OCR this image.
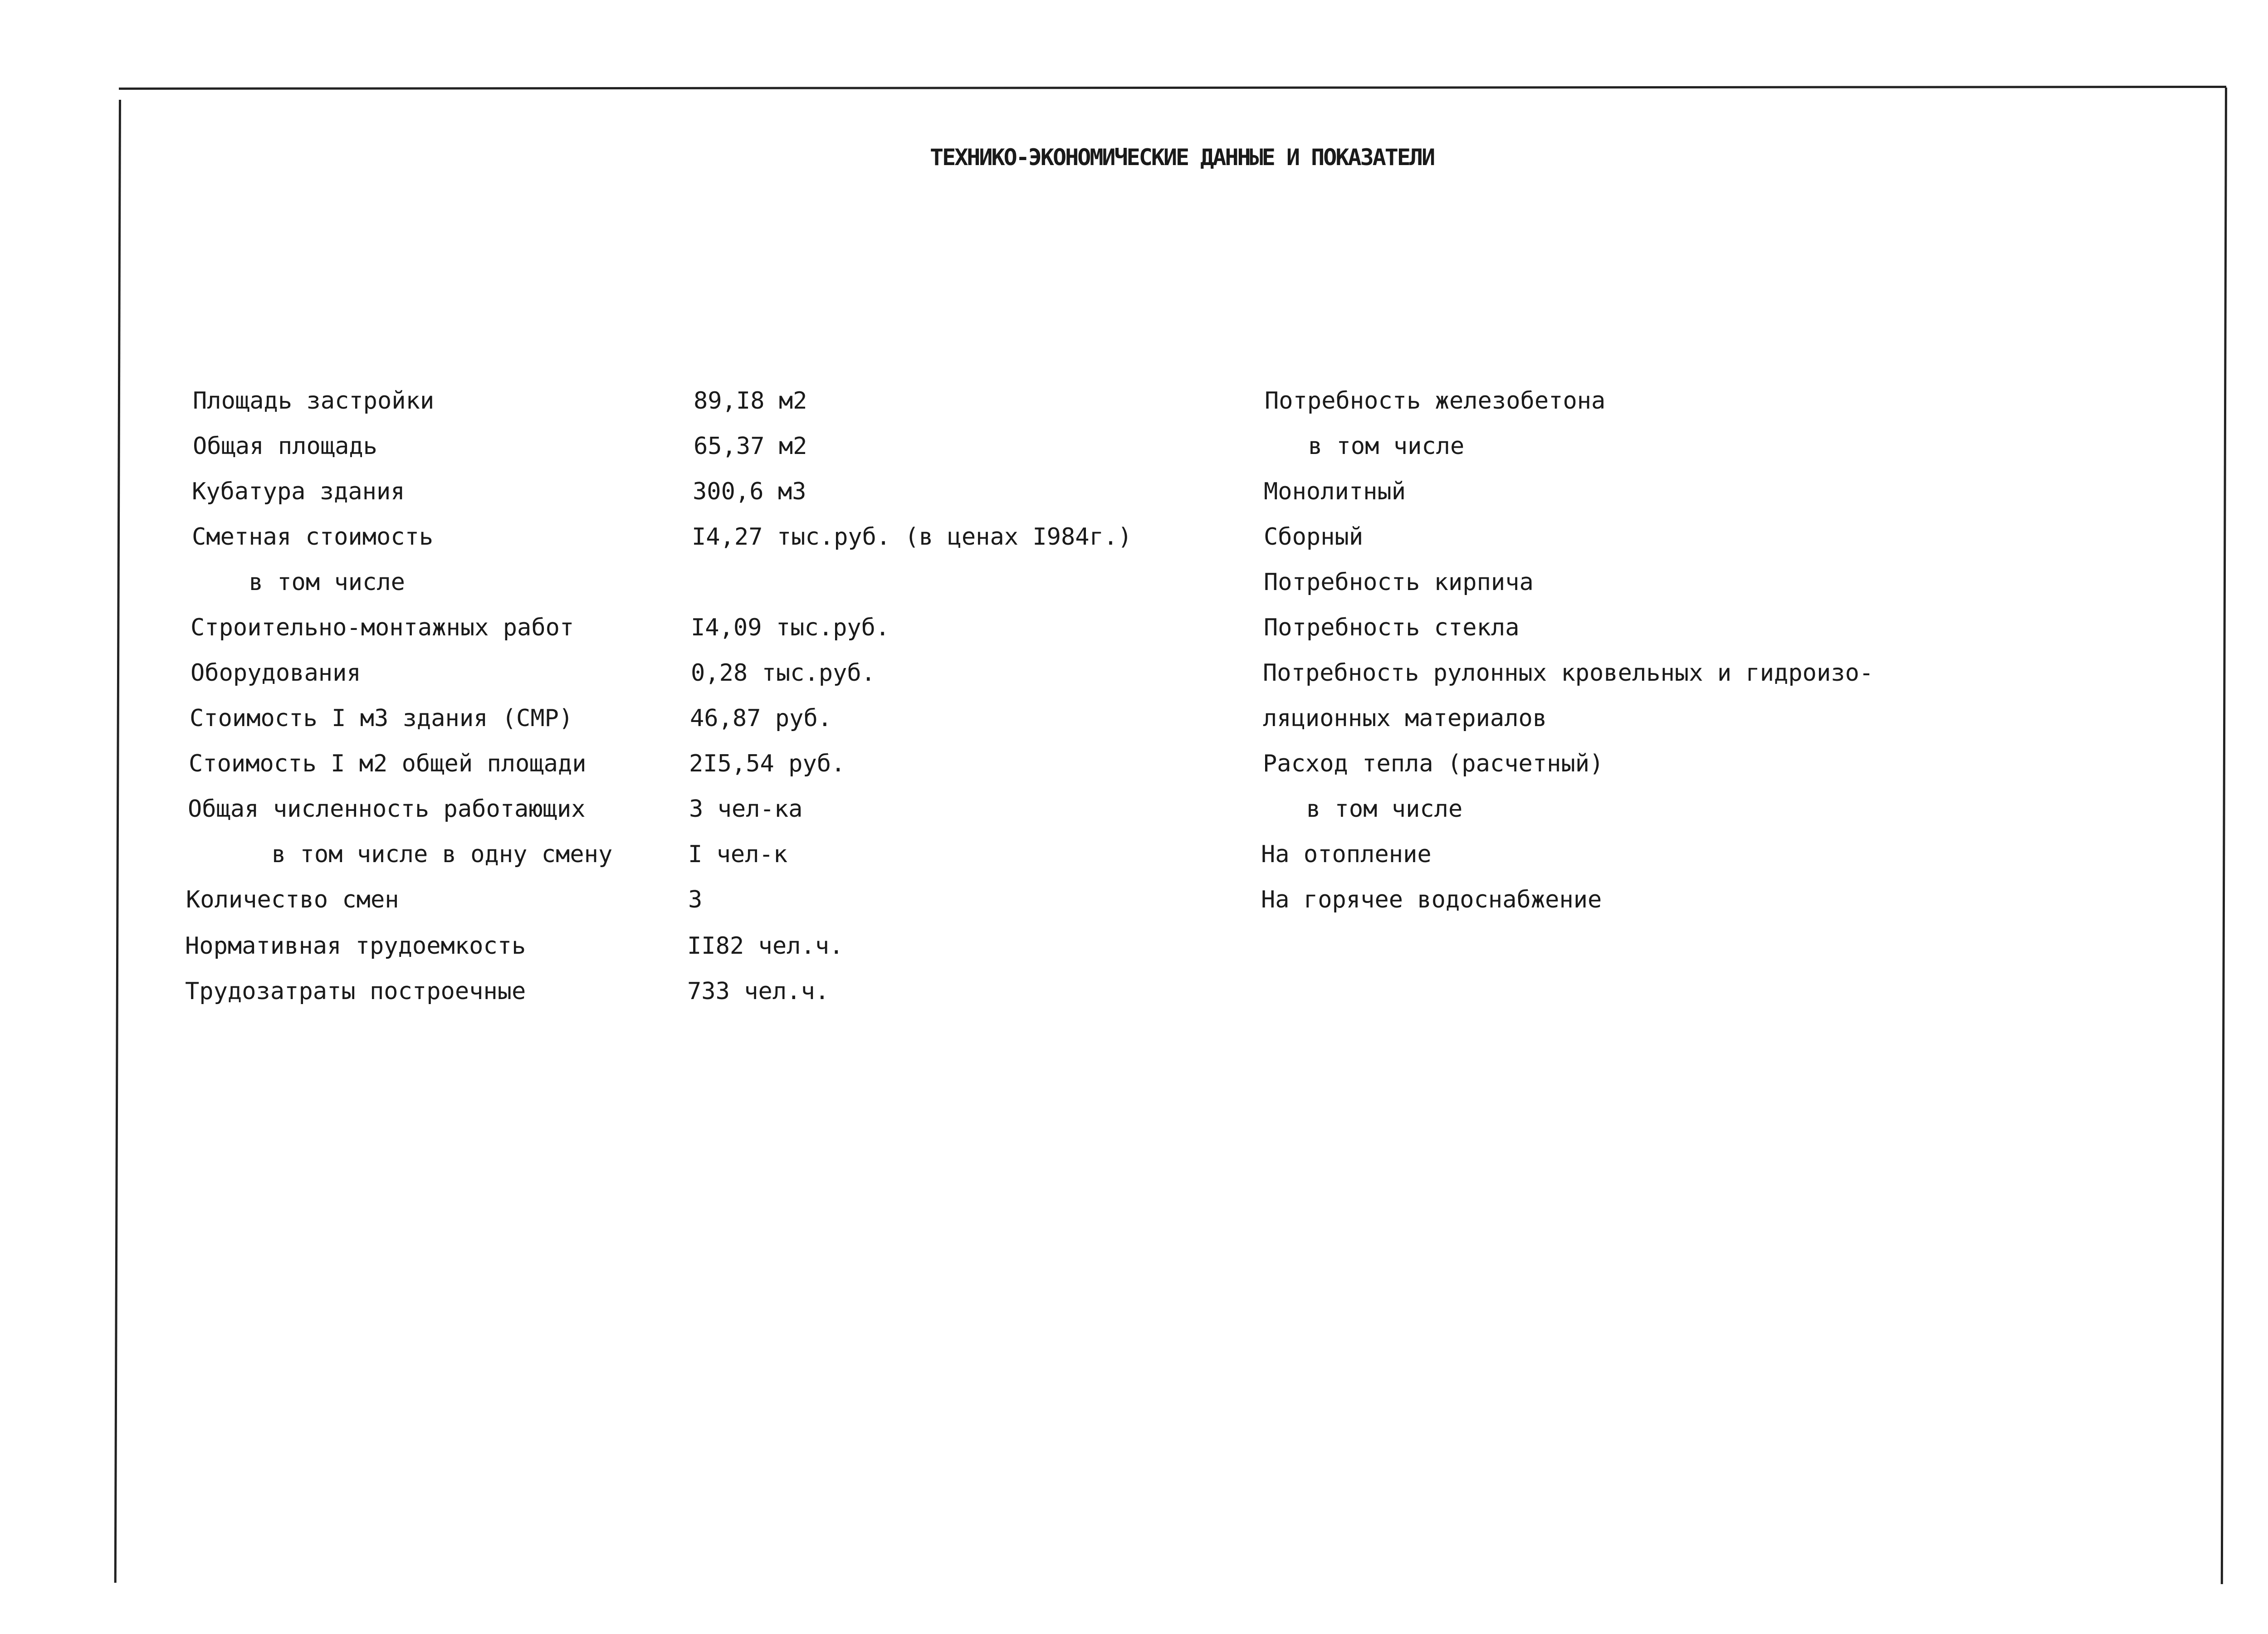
ТЕХНИКО-ЭКОНОМИЧЕСКИЕ ДАННЫЕ И ПОКАЗАТЕЛИ
Площадь застройки
Общая площадь
Кубатура здания
Сметная стоимость
в том числе
Строительно-монтажных работ
Оборудования
Стоимость I м3 здания (СМР)
Стоимость I м2 общей площади
Общая численность работающих
в том числе в одну смену
Количество смен
Нормативная трудоемкость
Трудозатраты построечные
89,I8 м2
65,37 м2
300,6 м3
I4,27 тыс.руб. (в ценах I984г.)
I4,09 тыс.руб.
0,28 тыс.руб.
46,87 руб.
2I5,54 руб.
3 чел-ка
I чел-к
3
II82 чел.ч.
733 чел.ч.
Потребность железобетона
в том числе
Монолитный
Сборный
Потребность кирпича
Потребность стекла
Потребность рулонных кровельных и гидроизо-
ляционных материалов
Расход тепла (расчетный)
в том числе
На отопление
На горячее водоснабжение
